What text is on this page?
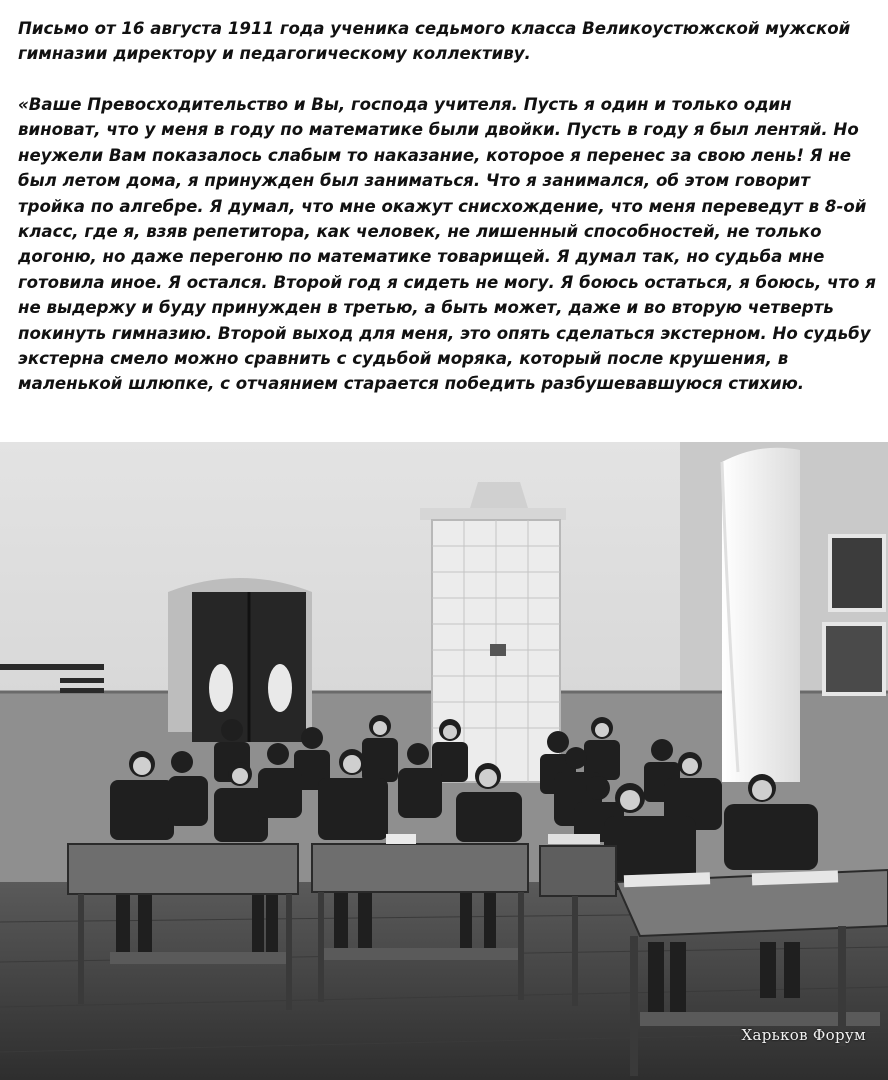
Письмо от 16 августа 1911 года ученика седьмого класса Великоустюжской мужской гимназии директору и педагогическому коллективу.

«Ваше Превосходительство и Вы, господа учителя. Пусть я один и только один виноват, что у меня в году по математике были двойки. Пусть в году я был лентяй. Но неужели Вам показалось слабым то наказание, которое я перенес за свою лень! Я не был летом дома, я принужден был заниматься. Что я занимался, об этом говорит тройка по алгебре. Я думал, что мне окажут снисхождение, что меня переведут в 8-ой класс, где я, взяв репетитора, как человек, не лишенный способностей, не только догоню, но даже перегоню по математике товарищей. Я думал так, но судьба мне готовила иное. Я остался. Второй год я сидеть не могу. Я боюсь остаться, я боюсь, что я не выдержу и буду принужден в третью, а быть может, даже и во вторую четверть покинуть гимназию. Второй выход для меня, это опять сделаться экстерном. Но судьбу экстерна смело можно сравнить с судьбой моряка, который после крушения, в маленькой шлюпке, с отчаянием старается победить разбушевавшуюся стихию.

Харьков Форум
